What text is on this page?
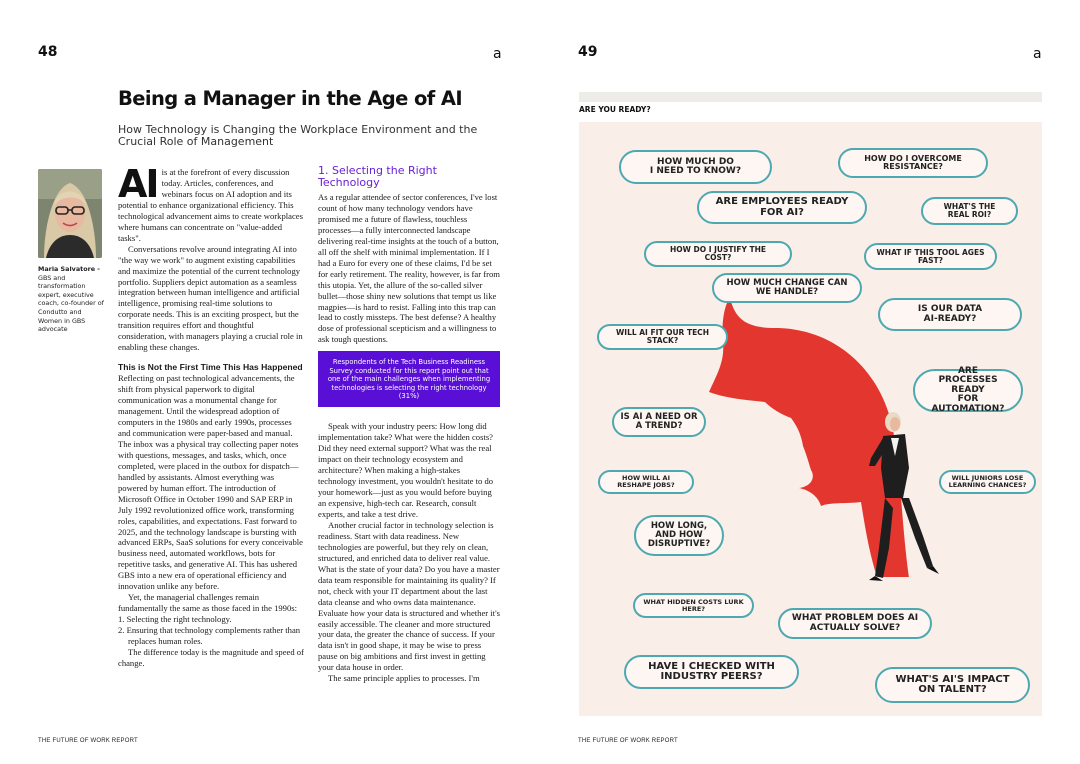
48	a
Being a Manager in the Age of AI
How Technology is Changing the Workplace Environment and the Crucial Role of Management
Maria Salvatore -
GBS and transformation expert, executive coach, co-founder of Condutto and Women in GBS advocate

AI is at the forefront of every discussion today. Articles, conferences, and webinars focus on AI adoption and its potential to enhance organizational efficiency. This technological advancement aims to create workplaces where humans can concentrate on "value-added tasks".

Conversations revolve around integrating AI into "the way we work" to augment existing capabilities and maximize the potential of the current technology portfolio. Suppliers depict automation as a seamless integration between human intelligence and artificial intelligence, promising real-time solutions to corporate needs. This is an exciting prospect, but the transition requires effort and thoughtful consideration, with managers playing a crucial role in enabling these changes.

This is Not the First Time This Has Happened

Reflecting on past technological advancements, the shift from physical paperwork to digital communication was a monumental change for management. Until the widespread adoption of computers in the 1980s and early 1990s, processes and communication were paper-based and manual. The inbox was a physical tray collecting paper notes with questions, messages, and tasks, which, once completed, were placed in the outbox for dispatch—handled by assistants. Almost everything was powered by human effort. The introduction of Microsoft Office in October 1990 and SAP ERP in July 1992 revolutionized office work, transforming roles, capabilities, and expectations. Fast forward to 2025, and the technology landscape is bursting with advanced ERPs, SaaS solutions for every conceivable business need, automated workflows, bots for repetitive tasks, and generative AI. This has ushered GBS into a new era of operational efficiency and innovation unlike any before.

Yet, the managerial challenges remain fundamentally the same as those faced in the 1990s:

1. Selecting the right technology.

2. Ensuring that technology complements rather than replaces human roles.

The difference today is the magnitude and speed of change.

1. Selecting the Right Technology

As a regular attendee of sector conferences, I've lost count of how many technology vendors have promised me a future of flawless, touchless processes—a fully interconnected landscape delivering real-time insights at the touch of a button, all off the shelf with minimal implementation. If I had a Euro for every one of these claims, I'd be set for early retirement. The reality, however, is far from this utopia. Yet, the allure of the so-called silver bullet—those shiny new solutions that tempt us like magpies—is hard to resist. Falling into this trap can lead to costly missteps. The best defense? A healthy dose of professional scepticism and a willingness to ask tough questions.

Respondents of the Tech Business Readiness Survey conducted for this report point out that one of the main challenges when implementing technologies is selecting the right technology (31%)

Speak with your industry peers: How long did implementation take? What were the hidden costs? Did they need external support? What was the real impact on their technology ecosystem and architecture? When making a high-stakes technology investment, you wouldn't hesitate to do your homework—just as you would before buying an expensive, high-tech car. Research, consult experts, and take a test drive.

Another crucial factor in technology selection is readiness. Start with data readiness. New technologies are powerful, but they rely on clean, structured, and enriched data to deliver real value. What is the state of your data? Do you have a master data team responsible for maintaining its quality? If not, check with your IT department about the last data cleanse and who owns data maintenance. Evaluate how your data is structured and whether it's easily accessible. The cleaner and more structured your data, the greater the chance of success. If your data isn't in good shape, it may be wise to press pause on big ambitions and first invest in getting your data house in order.

The same principle applies to processes. I'm

THE FUTURE OF WORK REPORT
49	a
ARE YOU READY?
HOW MUCH DO
I NEED TO KNOW?
HOW DO I OVERCOME
RESISTANCE?
ARE EMPLOYEES READY
FOR AI?	WHAT'S THE
REAL ROI?
HOW DO I JUSTIFY THE
COST?
WHAT IF THIS TOOL AGES
FAST?
HOW MUCH CHANGE CAN
WE HANDLE?
IS OUR DATA
AI-READY?
WILL AI FIT OUR TECH
STACK?
ARE
PROCESSES READY
FOR AUTOMATION?
IS AI A NEED OR
A TREND?
HOW WILL AI
RESHAPE JOBS?
WILL JUNIORS LOSE
LEARNING CHANCES?
HOW LONG,
AND HOW
DISRUPTIVE?
WHAT HIDDEN COSTS LURK
HERE?
WHAT PROBLEM DOES AI
ACTUALLY SOLVE?
HAVE I CHECKED WITH
INDUSTRY PEERS?	WHAT'S AI'S IMPACT
ON TALENT?
THE FUTURE OF WORK REPORT
